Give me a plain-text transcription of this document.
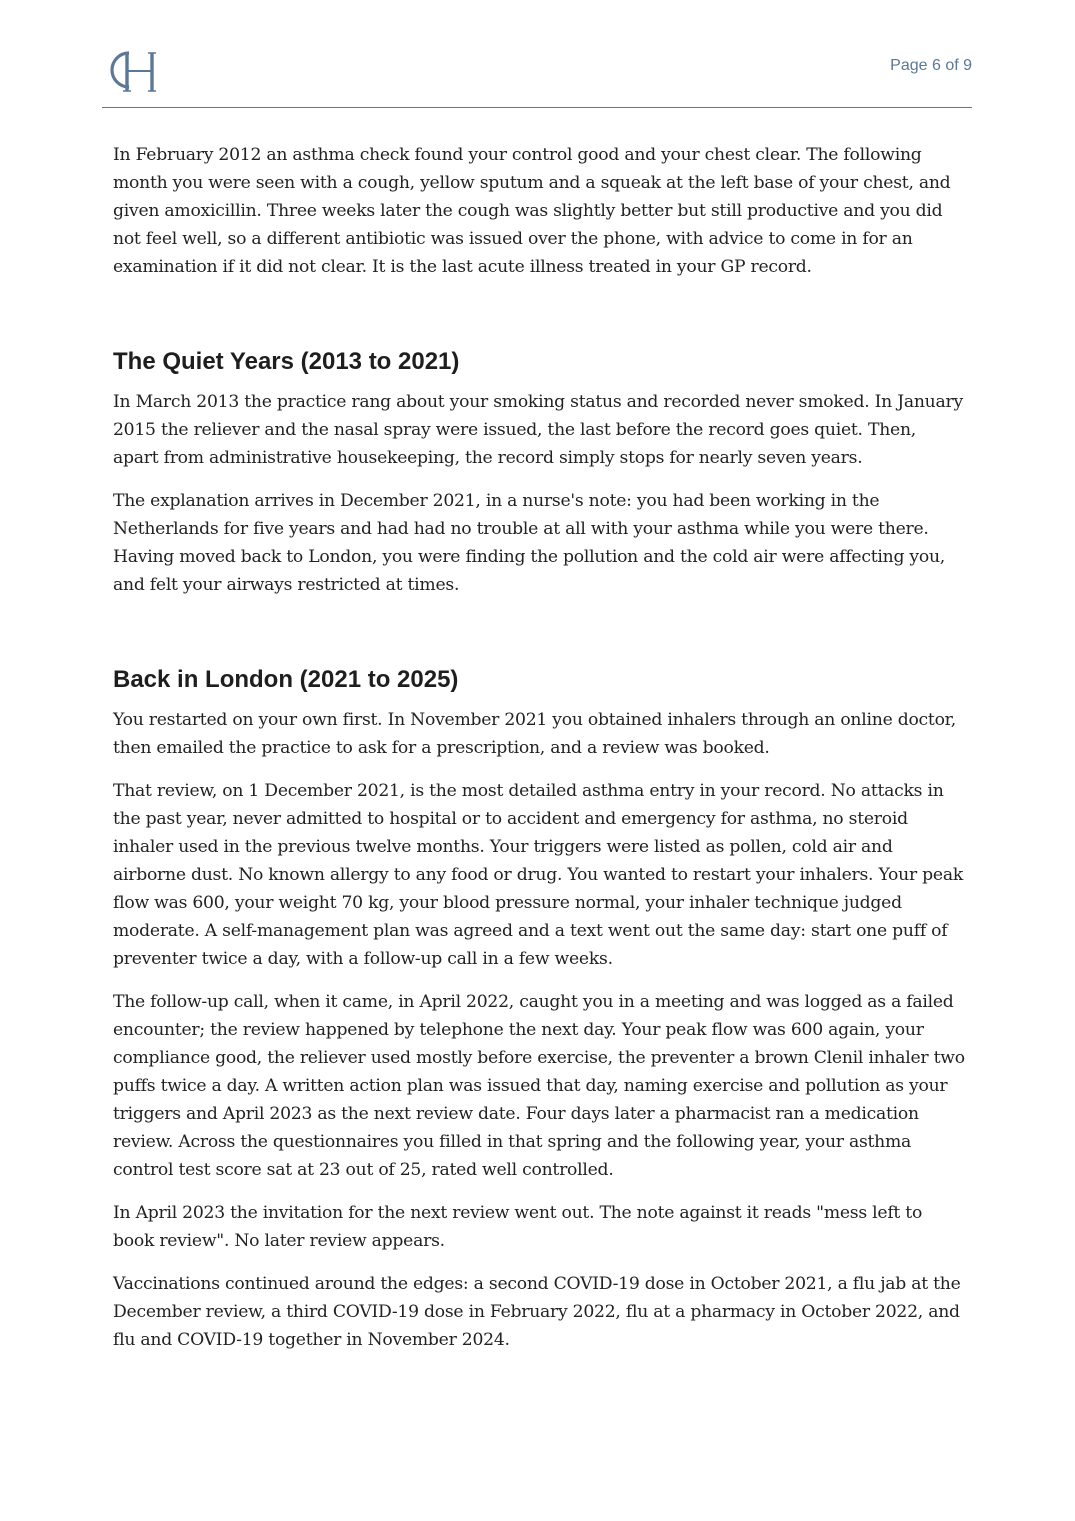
Page 6 of 9

In February 2012 an asthma check found your control good and your chest clear. The following month you were seen with a cough, yellow sputum and a squeak at the left base of your chest, and given amoxicillin. Three weeks later the cough was slightly better but still productive and you did not feel well, so a different antibiotic was issued over the phone, with advice to come in for an examination if it did not clear. It is the last acute illness treated in your GP record.

The Quiet Years (2013 to 2021)

In March 2013 the practice rang about your smoking status and recorded never smoked. In January 2015 the reliever and the nasal spray were issued, the last before the record goes quiet. Then, apart from administrative housekeeping, the record simply stops for nearly seven years.

The explanation arrives in December 2021, in a nurse's note: you had been working in the Netherlands for five years and had had no trouble at all with your asthma while you were there. Having moved back to London, you were finding the pollution and the cold air were affecting you, and felt your airways restricted at times.

Back in London (2021 to 2025)

You restarted on your own first. In November 2021 you obtained inhalers through an online doctor, then emailed the practice to ask for a prescription, and a review was booked.

That review, on 1 December 2021, is the most detailed asthma entry in your record. No attacks in the past year, never admitted to hospital or to accident and emergency for asthma, no steroid inhaler used in the previous twelve months. Your triggers were listed as pollen, cold air and airborne dust. No known allergy to any food or drug. You wanted to restart your inhalers. Your peak flow was 600, your weight 70 kg, your blood pressure normal, your inhaler technique judged moderate. A self-management plan was agreed and a text went out the same day: start one puff of preventer twice a day, with a follow-up call in a few weeks.

The follow-up call, when it came, in April 2022, caught you in a meeting and was logged as a failed encounter; the review happened by telephone the next day. Your peak flow was 600 again, your compliance good, the reliever used mostly before exercise, the preventer a brown Clenil inhaler two puffs twice a day. A written action plan was issued that day, naming exercise and pollution as your triggers and April 2023 as the next review date. Four days later a pharmacist ran a medication review. Across the questionnaires you filled in that spring and the following year, your asthma control test score sat at 23 out of 25, rated well controlled.

In April 2023 the invitation for the next review went out. The note against it reads "mess left to book review". No later review appears.

Vaccinations continued around the edges: a second COVID-19 dose in October 2021, a flu jab at the December review, a third COVID-19 dose in February 2022, flu at a pharmacy in October 2022, and flu and COVID-19 together in November 2024.
